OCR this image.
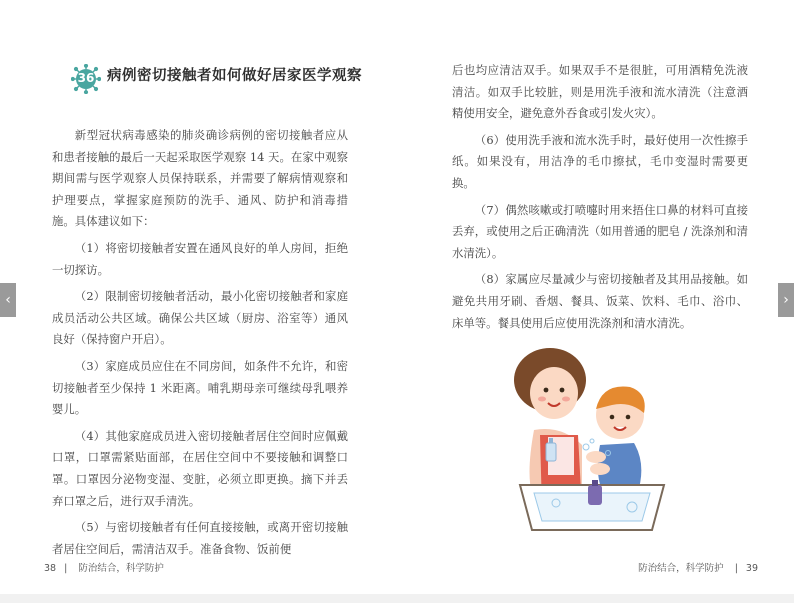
36 病例密切接触者如何做好居家医学观察

新型冠状病毒感染的肺炎确诊病例的密切接触者应从和患者接触的最后一天起采取医学观察 14 天。在家中观察期间需与医学观察人员保持联系，并需要了解病情观察和护理要点，掌握家庭预防的洗手、通风、防护和消毒措施。具体建议如下：

（1）将密切接触者安置在通风良好的单人房间，拒绝一切探访。

（2）限制密切接触者活动，最小化密切接触者和家庭成员活动公共区域。确保公共区域（厨房、浴室等）通风良好（保持窗户开启）。

（3）家庭成员应住在不同房间，如条件不允许，和密切接触者至少保持 1 米距离。哺乳期母亲可继续母乳喂养婴儿。

（4）其他家庭成员进入密切接触者居住空间时应佩戴口罩，口罩需紧贴面部，在居住空间中不要接触和调整口罩。口罩因分泌物变湿、变脏，必须立即更换。摘下并丢弃口罩之后，进行双手清洗。

（5）与密切接触者有任何直接接触，或离开密切接触者居住空间后，需清洁双手。准备食物、饭前便

38 | 防治结合，科学防护	防治结合，科学防护 | 39

后也均应清洁双手。如果双手不是很脏，可用酒精免洗液清洁。如双手比较脏，则是用洗手液和流水清洗（注意酒精使用安全，避免意外吞食或引发火灾）。

（6）使用洗手液和流水洗手时，最好使用一次性擦手纸。如果没有，用洁净的毛巾擦拭，毛巾变湿时需要更换。

（7）偶然咳嗽或打喷嚏时用来捂住口鼻的材料可直接丢弃，或使用之后正确清洗（如用普通的肥皂 / 洗涤剂和清水清洗）。

（8）家属应尽量减少与密切接触者及其用品接触。如避免共用牙刷、香烟、餐具、饭菜、饮料、毛巾、浴巾、床单等。餐具使用后应使用洗涤剂和清水清洗。

‹	›
